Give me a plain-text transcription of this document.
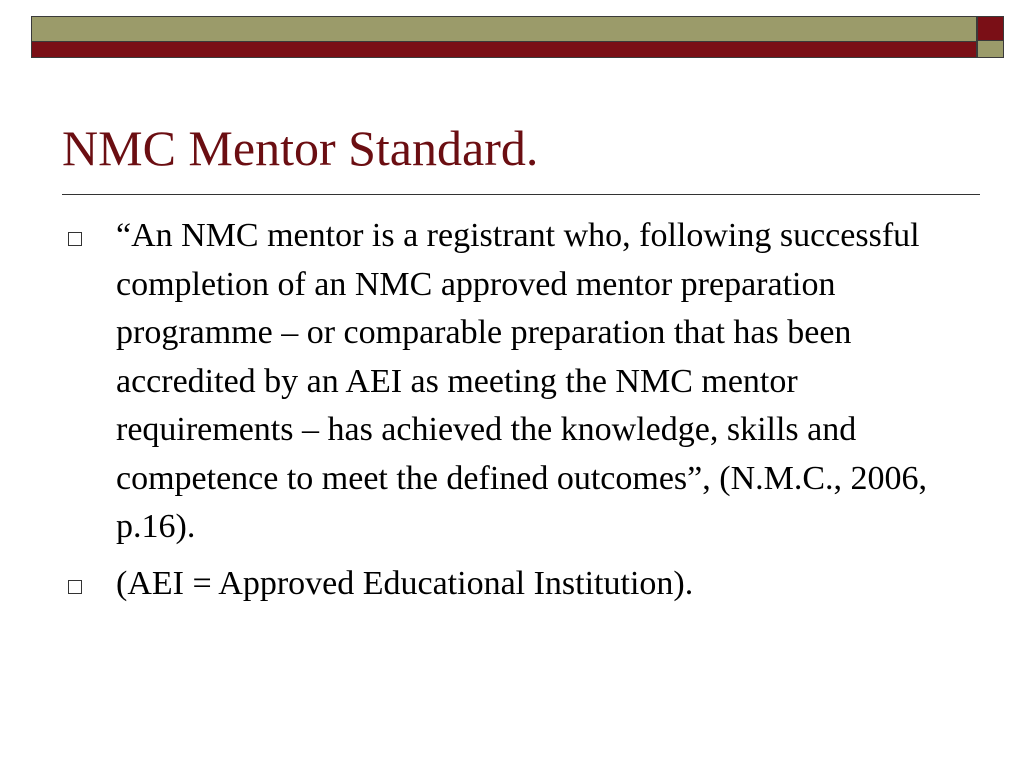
NMC Mentor Standard.
“An NMC mentor is a registrant who, following successful completion of an NMC approved mentor preparation programme – or comparable preparation that has been accredited by an AEI as meeting the NMC mentor requirements – has achieved the knowledge, skills and competence to meet the defined outcomes”, (N.M.C., 2006, p.16).
(AEI = Approved Educational Institution).
